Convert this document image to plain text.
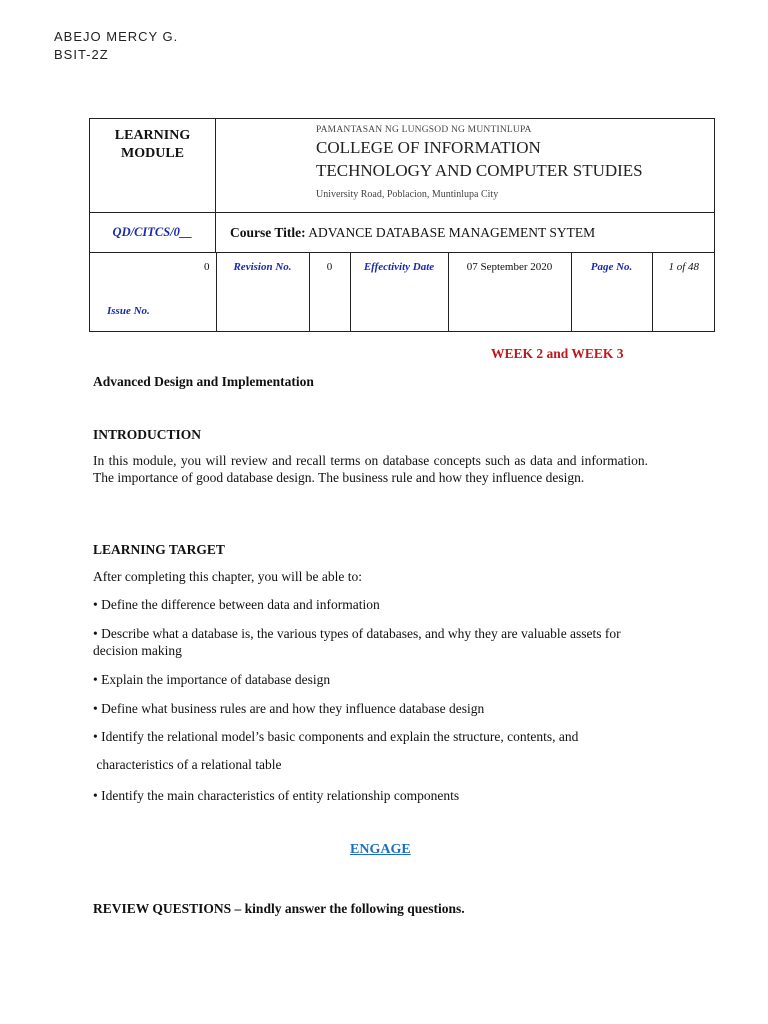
ABEJO MERCY G.
BSIT-2Z
LEARNING
MODULE

PAMANTASAN NG LUNGSOD NG MUNTINLUPA
COLLEGE OF INFORMATION
TECHNOLOGY AND COMPUTER STUDIES
University Road, Poblacion, Muntinlupa City

QD/CITCS/0__	Course Title: ADVANCE DATABASE MANAGEMENT SYTEM

0
Issue No.
	Revision No.	0	Effectivity Date	07 September 2020	Page No.	1 of 48
WEEK 2 and WEEK 3
Advanced Design and Implementation
INTRODUCTION
In this module, you will review and recall terms on database concepts such as data and information. The importance of good database design. The business rule and how they influence design.
LEARNING TARGET
After completing this chapter, you will be able to:
• Define the difference between data and information
• Describe what a database is, the various types of databases, and why they are valuable assets for decision making
• Explain the importance of database design
• Define what business rules are and how they influence database design
• Identify the relational model’s basic components and explain the structure, contents, and
characteristics of a relational table
• Identify the main characteristics of entity relationship components
ENGAGE
REVIEW QUESTIONS – kindly answer the following questions.
